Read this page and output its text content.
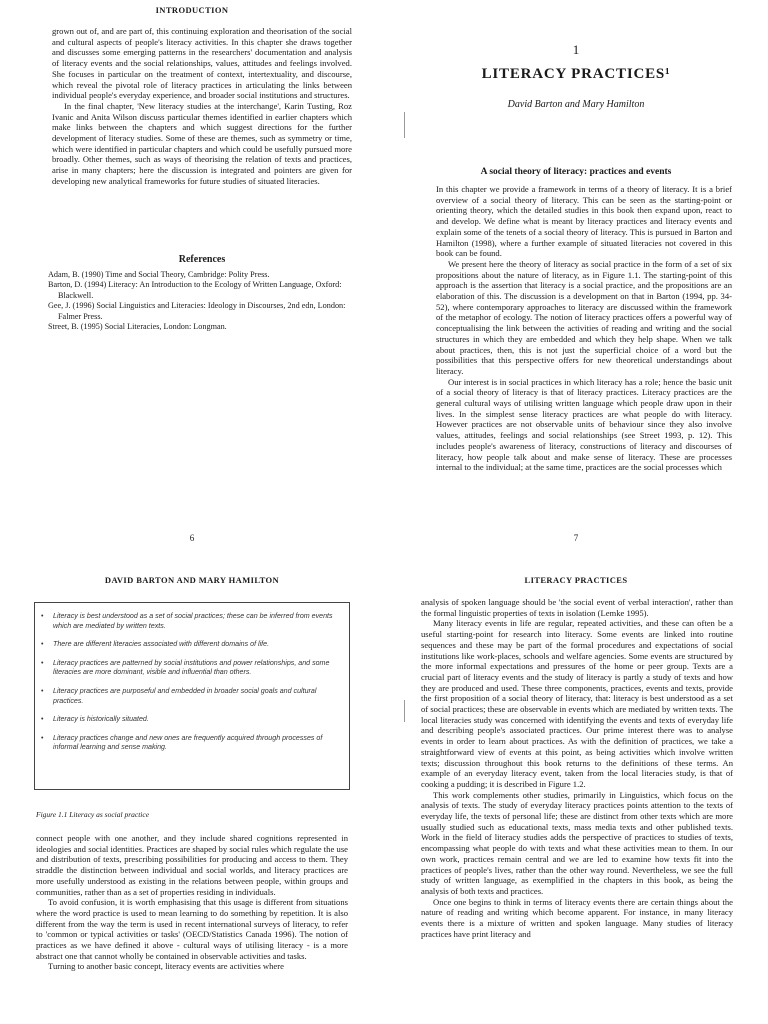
INTRODUCTION

grown out of, and are part of, this continuing exploration and theorisation of the social and cultural aspects of people's literacy activities. In this chapter she draws together and discusses some emerging patterns in the researchers' documentation and analysis of literacy events and the social relationships, values, attitudes and feelings involved. She focuses in particular on the treatment of context, intertextuality, and discourse, which reveal the pivotal role of literacy practices in articulating the links between individual people's everyday experience, and broader social institutions and structures.

In the final chapter, 'New literacy studies at the interchange', Karin Tusting, Roz Ivanic and Anita Wilson discuss particular themes identified in earlier chapters which make links between the chapters and which suggest directions for the further development of literacy studies. Some of these are themes, such as symmetry or time, which were identified in particular chapters and which could be usefully pursued more broadly. Other themes, such as ways of theorising the relation of texts and practices, arise in many chapters; here the discussion is integrated and pointers are given for developing new analytical frameworks for future studies of situated literacies.

References
Adam, B. (1990) Time and Social Theory, Cambridge: Polity Press.
Barton, D. (1994) Literacy: An Introduction to the Ecology of Written Language, Oxford: Blackwell.
Gee, J. (1996) Social Linguistics and Literacies: Ideology in Discourses, 2nd edn, London: Falmer Press.
Street, B. (1995) Social Literacies, London: Longman.
6
1
LITERACY PRACTICES¹
David Barton and Mary Hamilton
A social theory of literacy: practices and events

In this chapter we provide a framework in terms of a theory of literacy. It is a brief overview of a social theory of literacy. This can be seen as the starting-point or orienting theory, which the detailed studies in this book then expand upon, react to and develop. We define what is meant by literacy practices and literacy events and explain some of the tenets of a social theory of literacy. This is pursued in Barton and Hamilton (1998), where a further example of situated literacies not covered in this book can be found.

We present here the theory of literacy as social practice in the form of a set of six propositions about the nature of literacy, as in Figure 1.1. The starting-point of this approach is the assertion that literacy is a social practice, and the propositions are an elaboration of this. The discussion is a development on that in Barton (1994, pp. 34-52), where contemporary approaches to literacy are discussed within the framework of the metaphor of ecology. The notion of literacy practices offers a powerful way of conceptualising the link between the activities of reading and writing and the social structures in which they are embedded and which they help shape. When we talk about practices, then, this is not just the superficial choice of a word but the possibilities that this perspective offers for new theoretical understandings about literacy.

Our interest is in social practices in which literacy has a role; hence the basic unit of a social theory of literacy is that of literacy practices. Literacy practices are the general cultural ways of utilising written language which people draw upon in their lives. In the simplest sense literacy practices are what people do with literacy. However practices are not observable units of behaviour since they also involve values, attitudes, feelings and social relationships (see Street 1993, p. 12). This includes people's awareness of literacy, constructions of literacy and discourses of literacy, how people talk about and make sense of literacy. These are processes internal to the individual; at the same time, practices are the social processes which

7
DAVID BARTON AND MARY HAMILTON
• Literacy is best understood as a set of social practices; these can be inferred from events which are mediated by written texts.
• There are different literacies associated with different domains of life.
• Literacy practices are patterned by social institutions and power relationships, and some literacies are more dominant, visible and influential than others.
• Literacy practices are purposeful and embedded in broader social goals and cultural practices.
• Literacy is historically situated.
• Literacy practices change and new ones are frequently acquired through processes of informal learning and sense making.
Figure 1.1 Literacy as social practice

connect people with one another, and they include shared cognitions represented in ideologies and social identities. Practices are shaped by social rules which regulate the use and distribution of texts, prescribing possibilities for producing and access to them. They straddle the distinction between individual and social worlds, and literacy practices are more usefully understood as existing in the relations between people, within groups and communities, rather than as a set of properties residing in individuals.

To avoid confusion, it is worth emphasising that this usage is different from situations where the word practice is used to mean learning to do something by repetition. It is also different from the way the term is used in recent international surveys of literacy, to refer to 'common or typical activities or tasks' (OECD/Statistics Canada 1996). The notion of practices as we have defined it above - cultural ways of utilising literacy - is a more abstract one that cannot wholly be contained in observable activities and tasks.

Turning to another basic concept, literacy events are activities where

LITERACY PRACTICES

analysis of spoken language should be 'the social event of verbal interaction', rather than the formal linguistic properties of texts in isolation (Lemke 1995).

Many literacy events in life are regular, repeated activities, and these can often be a useful starting-point for research into literacy. Some events are linked into routine sequences and these may be part of the formal procedures and expectations of social institutions like work-places, schools and welfare agencies. Some events are structured by the more informal expectations and pressures of the home or peer group. Texts are a crucial part of literacy events and the study of literacy is partly a study of texts and how they are produced and used. These three components, practices, events and texts, provide the first proposition of a social theory of literacy, that: literacy is best understood as a set of social practices; these are observable in events which are mediated by written texts. The local literacies study was concerned with identifying the events and texts of everyday life and describing people's associated practices. Our prime interest there was to analyse events in order to learn about practices. As with the definition of practices, we take a straightforward view of events at this point, as being activities which involve written texts; discussion throughout this book returns to the definitions of these terms. An example of an everyday literacy event, taken from the local literacies study, is that of cooking a pudding; it is described in Figure 1.2.

This work complements other studies, primarily in Linguistics, which focus on the analysis of texts. The study of everyday literacy practices points attention to the texts of everyday life, the texts of personal life; these are distinct from other texts which are more usually studied such as educational texts, mass media texts and other published texts. Work in the field of literacy studies adds the perspective of practices to studies of texts, encompassing what people do with texts and what these activities mean to them. In our own work, practices remain central and we are led to examine how texts fit into the practices of people's lives, rather than the other way round. Nevertheless, we see the full study of written language, as exemplified in the chapters in this book, as being the analysis of both texts and practices.

Once one begins to think in terms of literacy events there are certain things about the nature of reading and writing which become apparent. For instance, in many literacy events there is a mixture of written and spoken language. Many studies of literacy practices have print literacy and
